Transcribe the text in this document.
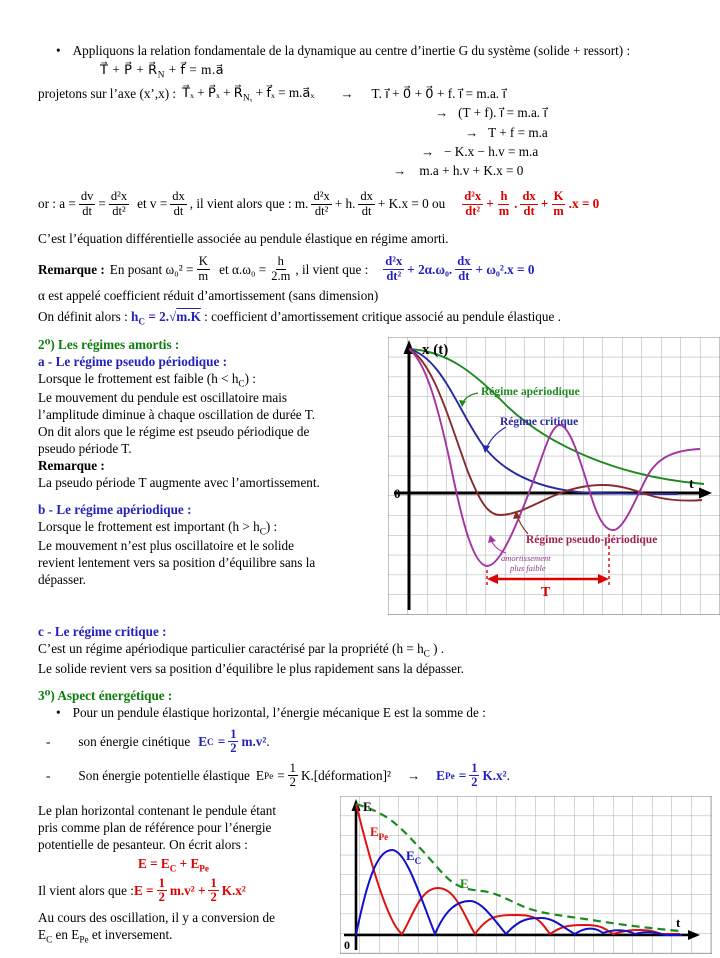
• Appliquons la relation fondamentale de la dynamique au centre d’inertie G du système (solide + ressort) :
T⃗ + P⃗ + $R⃗_N$ + f⃗ = m.a⃗
projetons sur l’axe (x’,x) : T⃗ₓ + P⃗ₓ + $R⃗_{N_x}$ + f⃗ₓ = m.a⃗ₓ → T. i⃗ + 0⃗ + 0⃗ + f. i⃗ = m.a. i⃗
→ (T + f). i⃗ = m.a. i⃗
→ T + f = m.a
→ − K.x − h.v = m.a
→ m.a + h.v + K.x = 0
or : $a = \frac{dv}{dt} = \frac{\text{d²x}}{\text{dt²}}$ et $v = \frac{dx}{dt}$ , il vient alors que : m. $\frac{\text{d²x}}{\text{dt²}} + h$. $\frac{dx}{dt} + K.x = 0$ ou $\frac{\text{d²x}}{\text{dt²}} + \frac{h}{m}$ . $\frac{dx}{dt} + \frac{K}{m} .x = 0$
C’est l’équation différentielle associée au pendule élastique en régime amorti.
Remarque : En posant $\omega_0^2 = \frac{K}{m}$ et $\alpha.\omega_0 = \frac{h}{2.m}$ , il vient que : $\frac{\text{d²x}}{\text{dt²}} + 2\alpha.\omega_0$. $\frac{dx}{dt} + \omega_0^2.x = 0$
α est appelé coefficient réduit d’amortissement (sans dimension)
On définit alors : $h_C = 2.√m.K$ : coefficient d’amortissement critique associé au pendule élastique .
2⁰) Les régimes amortis :
a - Le régime pseudo périodique :
Lorsque le frottement est faible $(h < h_C)$ :
Le mouvement du pendule est oscillatoire mais
l’amplitude diminue à chaque oscillation de durée T.
On dit alors que le régime est pseudo périodique de
pseudo période T.
Remarque :
La pseudo période T augmente avec l’amortissement.
b - Le régime apériodique :
Lorsque le frottement est important $(h > h_C)$ :
Le mouvement n’est plus oscillatoire et le solide
revient lentement vers sa position d’équilibre sans la
dépasser.
x (t)
0
t
Régime apériodique
Régime critique
Régime pseudo-périodique
amortissement
plus faible
T
c - Le régime critique :
C’est un régime apériodique particulier caractérisé par la propriété ($h = h_C$ ) .
Le solide revient vers sa position d’équilibre le plus rapidement sans la dépasser.
3⁰) Aspect énergétique :
• Pour un pendule élastique horizontal, l’énergie mécanique E est la somme de :
- son énergie cinétique E $C = \frac{1}{2} m.v^2$ .
- Son énergie potentielle élastique E $Pe = \frac{1}{2}$ K.[déformation]² → E $Pe = \frac{1}{2} K.x^2$ .
Le plan horizontal contenant le pendule étant
pris comme plan de référence pour l’énergie
potentielle de pesanteur. On écrit alors :
$E = E_C + E_{Pe}$
Il vient alors que : $E = \frac{1}{2} m.v^2 + \frac{1}{2} K.x^2$
Au cours des oscillation, il y a conversion de
$E_C$ en $E_{Pe}$ et inversement.
E
$E_{Pe}$
$E_C$
E
t
0
